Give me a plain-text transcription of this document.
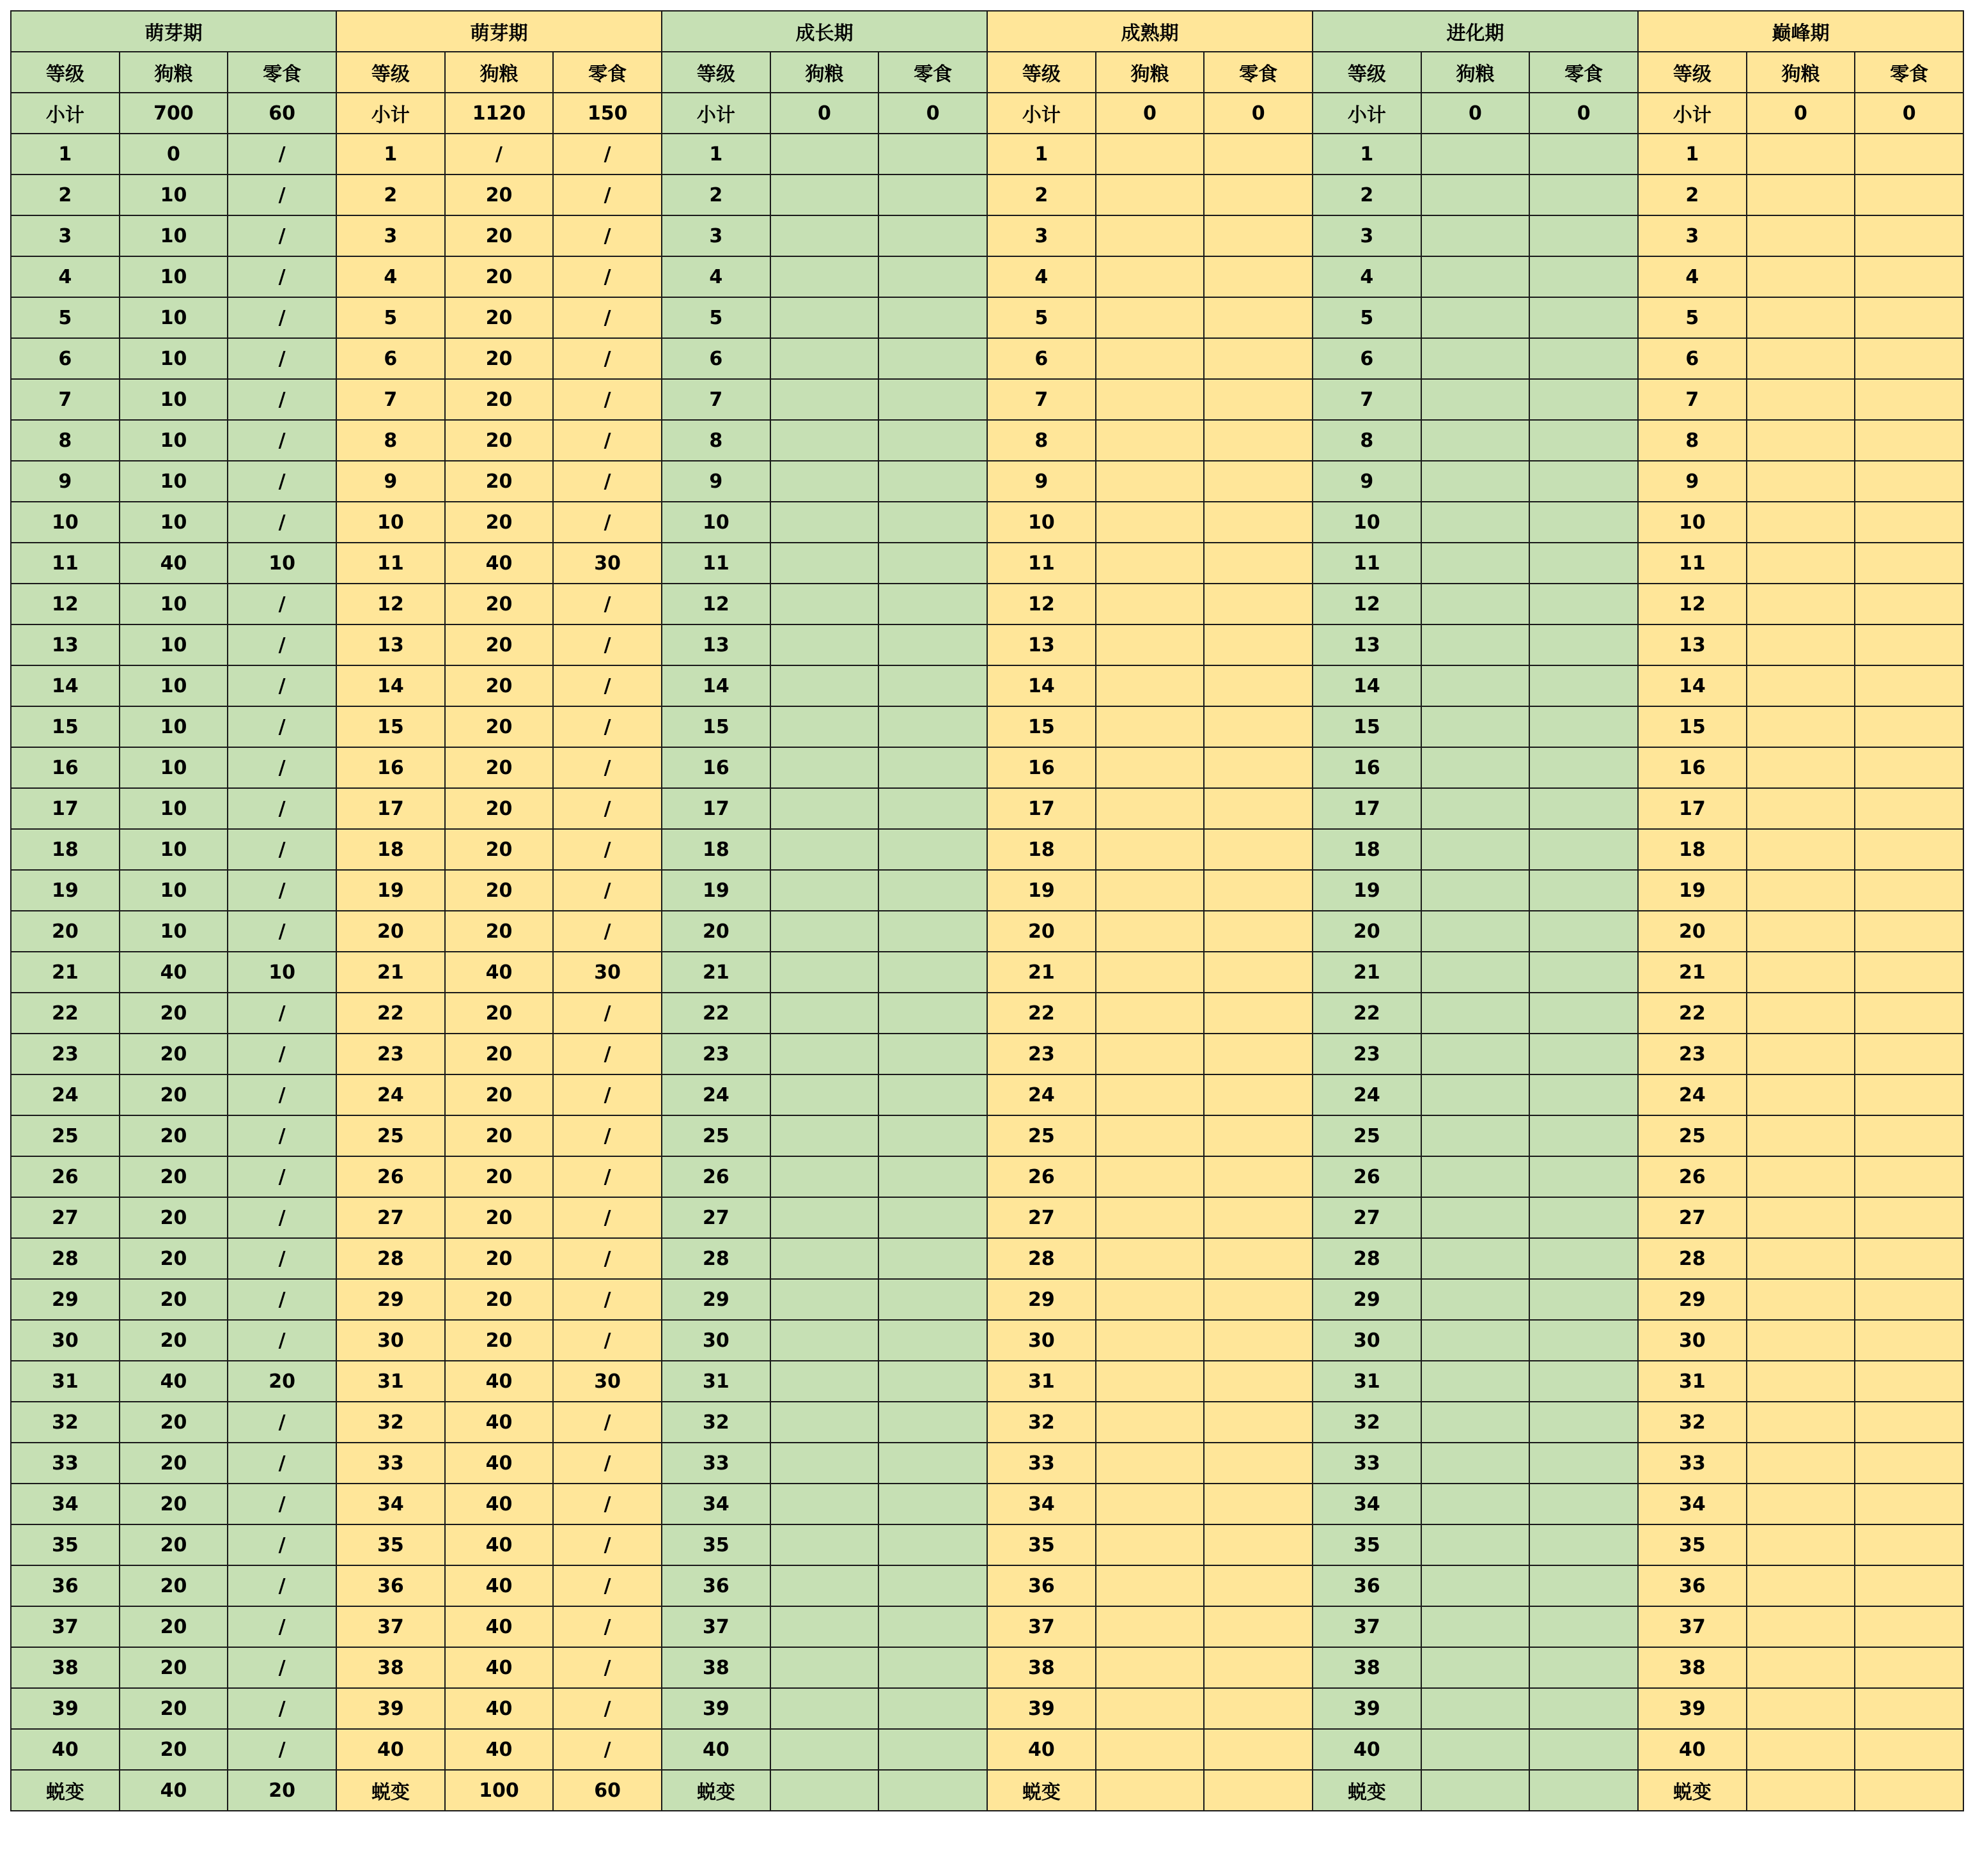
萌芽期			萌芽期			成长期			成熟期			进化期			巅峰期		
等级	狗粮	零食	等级	狗粮	零食	等级	狗粮	零食	等级	狗粮	零食	等级	狗粮	零食	等级	狗粮	零食
小计	700	60	小计	1120	150	小计	0	0	小计	0	0	小计	0	0	小计	0	0
1	0	/	1	/	/	1			1			1			1		
2	10	/	2	20	/	2			2			2			2		
3	10	/	3	20	/	3			3			3			3		
4	10	/	4	20	/	4			4			4			4		
5	10	/	5	20	/	5			5			5			5		
6	10	/	6	20	/	6			6			6			6		
7	10	/	7	20	/	7			7			7			7		
8	10	/	8	20	/	8			8			8			8		
9	10	/	9	20	/	9			9			9			9		
10	10	/	10	20	/	10			10			10			10		
11	40	10	11	40	30	11			11			11			11		
12	10	/	12	20	/	12			12			12			12		
13	10	/	13	20	/	13			13			13			13		
14	10	/	14	20	/	14			14			14			14		
15	10	/	15	20	/	15			15			15			15		
16	10	/	16	20	/	16			16			16			16		
17	10	/	17	20	/	17			17			17			17		
18	10	/	18	20	/	18			18			18			18		
19	10	/	19	20	/	19			19			19			19		
20	10	/	20	20	/	20			20			20			20		
21	40	10	21	40	30	21			21			21			21		
22	20	/	22	20	/	22			22			22			22		
23	20	/	23	20	/	23			23			23			23		
24	20	/	24	20	/	24			24			24			24		
25	20	/	25	20	/	25			25			25			25		
26	20	/	26	20	/	26			26			26			26		
27	20	/	27	20	/	27			27			27			27		
28	20	/	28	20	/	28			28			28			28		
29	20	/	29	20	/	29			29			29			29		
30	20	/	30	20	/	30			30			30			30		
31	40	20	31	40	30	31			31			31			31		
32	20	/	32	40	/	32			32			32			32		
33	20	/	33	40	/	33			33			33			33		
34	20	/	34	40	/	34			34			34			34		
35	20	/	35	40	/	35			35			35			35		
36	20	/	36	40	/	36			36			36			36		
37	20	/	37	40	/	37			37			37			37		
38	20	/	38	40	/	38			38			38			38		
39	20	/	39	40	/	39			39			39			39		
40	20	/	40	40	/	40			40			40			40		
蜕变	40	20	蜕变	100	60	蜕变			蜕变			蜕变			蜕变		
